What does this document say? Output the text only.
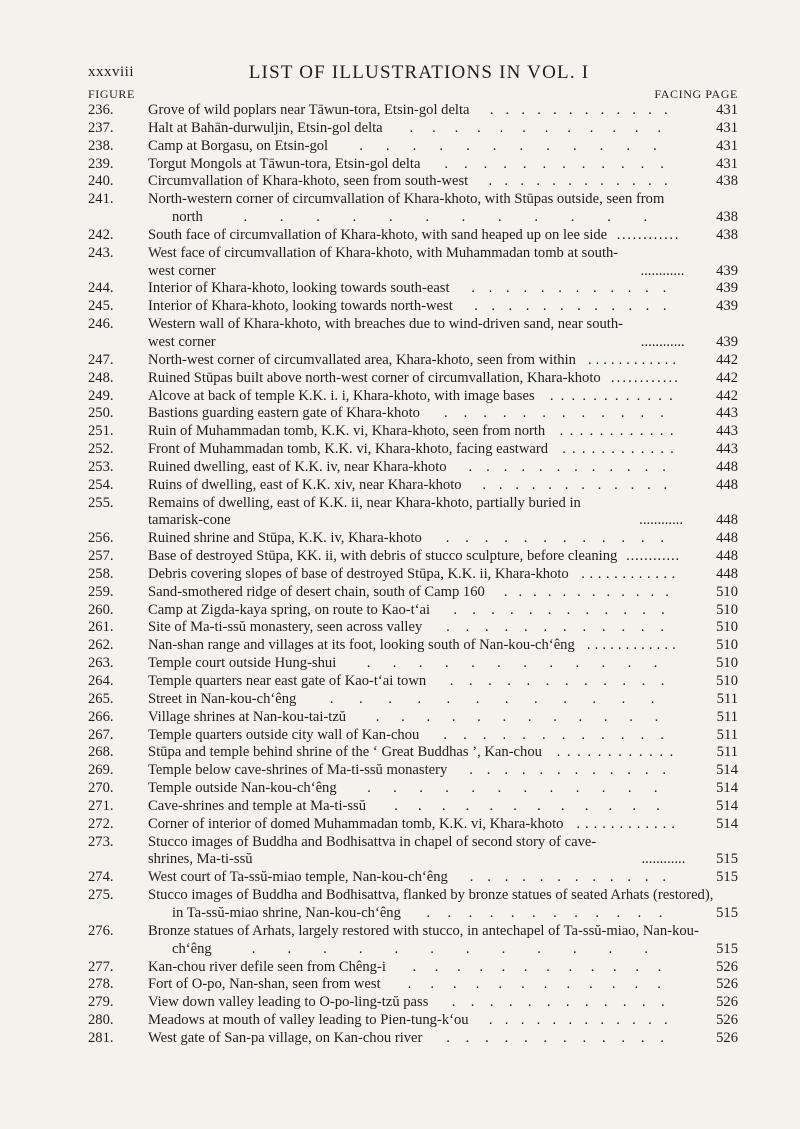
xxxviii	LIST OF ILLUSTRATIONS IN VOL. I
FIGURE	FACING PAGE
236.	Grove of wild poplars near Tāwun-tora, Etsin-gol delta . . . . . . . . . . . .	431
237.	Halt at Bahān-durwuljin, Etsin-gol delta . . . . . . . . . . . .	431
238.	Camp at Borgasu, on Etsin-gol . . . . . . . . . . . .	431
239.	Torgut Mongols at Tāwun-tora, Etsin-gol delta . . . . . . . . . . . .	431
240.	Circumvallation of Khara-khoto, seen from south-west . . . . . . . . . . . .	438
241.	North-western corner of circumvallation of Khara-khoto, with Stūpas outside, seen from
north	. . . . . . . . . . . .	438
242.	South face of circumvallation of Khara-khoto, with sand heaped up on lee side . . . . . . . . . . . .	438
243.	West face of circumvallation of Khara-khoto, with Muhammadan tomb at south-west corner	. . . . . . . . . . . .	439
244.	Interior of Khara-khoto, looking towards south-east . . . . . . . . . . . .	439
245.	Interior of Khara-khoto, looking towards north-west . . . . . . . . . . . .	439
246.	Western wall of Khara-khoto, with breaches due to wind-driven sand, near south-west corner	. . . . . . . . . . . .	439
247.	North-west corner of circumvallated area, Khara-khoto, seen from within . . . . . . . . . . . .	442
248.	Ruined Stūpas built above north-west corner of circumvallation, Khara-khoto . . . . . . . . . . . .	442
249.	Alcove at back of temple K.K. i. i, Khara-khoto, with image bases . . . . . . . . . . . .	442
250.	Bastions guarding eastern gate of Khara-khoto . . . . . . . . . . . .	443
251.	Ruin of Muhammadan tomb, K.K. vi, Khara-khoto, seen from north . . . . . . . . . . . .	443
252.	Front of Muhammadan tomb, K.K. vi, Khara-khoto, facing eastward . . . . . . . . . . . .	443
253.	Ruined dwelling, east of K.K. iv, near Khara-khoto . . . . . . . . . . . .	448
254.	Ruins of dwelling, east of K.K. xiv, near Khara-khoto . . . . . . . . . . . .	448
255.	Remains of dwelling, east of K.K. ii, near Khara-khoto, partially buried in tamarisk-cone	. . . . . . . . . . . .	448
256.	Ruined shrine and Stūpa, K.K. iv, Khara-khoto . . . . . . . . . . . .	448
257.	Base of destroyed Stūpa, KK. ii, with debris of stucco sculpture, before cleaning . . . . . . . . . . . .	448
258.	Debris covering slopes of base of destroyed Stūpa, K.K. ii, Khara-khoto . . . . . . . . . . . .	448
259.	Sand-smothered ridge of desert chain, south of Camp 160 . . . . . . . . . . . .	510
260.	Camp at Zigda-kaya spring, on route to Kao-t‘ai . . . . . . . . . . . .	510
261.	Site of Ma-ti-ssŭ monastery, seen across valley . . . . . . . . . . . .	510
262.	Nan-shan range and villages at its foot, looking south of Nan-kou-ch‘êng . . . . . . . . . . . .	510
263.	Temple court outside Hung-shui . . . . . . . . . . . .	510
264.	Temple quarters near east gate of Kao-t‘ai town . . . . . . . . . . . .	510
265.	Street in Nan-kou-ch‘êng . . . . . . . . . . . .	511
266.	Village shrines at Nan-kou-tai-tzŭ . . . . . . . . . . . .	511
267.	Temple quarters outside city wall of Kan-chou . . . . . . . . . . . .	511
268.	Stūpa and temple behind shrine of the ‘ Great Buddhas ’, Kan-chou . . . . . . . . . . . .	511
269.	Temple below cave-shrines of Ma-ti-ssŭ monastery . . . . . . . . . . . .	514
270.	Temple outside Nan-kou-ch‘êng . . . . . . . . . . . .	514
271.	Cave-shrines and temple at Ma-ti-ssŭ . . . . . . . . . . . .	514
272.	Corner of interior of domed Muhammadan tomb, K.K. vi, Khara-khoto . . . . . . . . . . . .	514
273.	Stucco images of Buddha and Bodhisattva in chapel of second story of cave-shrines, Ma-ti-ssŭ	. . . . . . . . . . . .	515
274.	West court of Ta-ssŭ-miao temple, Nan-kou-ch‘êng . . . . . . . . . . . .	515
275.	Stucco images of Buddha and Bodhisattva, flanked by bronze statues of seated Arhats (restored),
in Ta-ssŭ-miao shrine, Nan-kou-ch‘êng . . . . . . . . . . . .	515
276.	Bronze statues of Arhats, largely restored with stucco, in antechapel of Ta-ssŭ-miao, Nan-kou-
ch‘êng	. . . . . . . . . . . .	515
277.	Kan-chou river defile seen from Chêng-i . . . . . . . . . . . .	526
278.	Fort of O-po, Nan-shan, seen from west . . . . . . . . . . . .	526
279.	View down valley leading to O-po-ling-tzŭ pass . . . . . . . . . . . .	526
280.	Meadows at mouth of valley leading to Pien-tung-k‘ou . . . . . . . . . . . .	526
281.	West gate of San-pa village, on Kan-chou river . . . . . . . . . . . .	526
